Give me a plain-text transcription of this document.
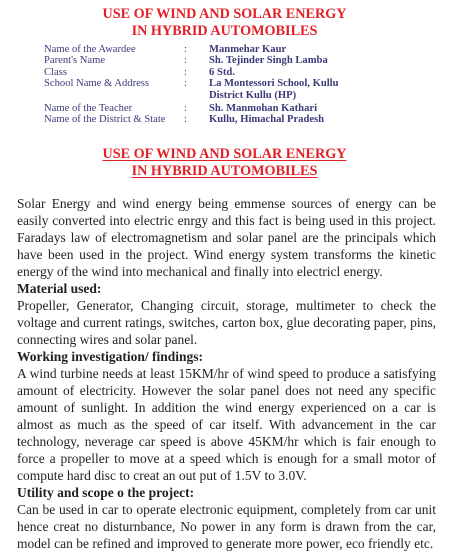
USE OF WIND AND SOLAR ENERGY
IN HYBRID AUTOMOBILES
Name of the Awardee	:	Manmehar Kaur
Parent's Name	:	Sh. Tejinder Singh Lamba
Class	:	6 Std.
School Name & Address	:	La Montessori School, Kullu District Kullu (HP)
Name of the Teacher	:	Sh. Manmohan Kathari
Name of the District & State	:	Kullu, Himachal Pradesh
USE OF WIND AND SOLAR ENERGY
IN HYBRID AUTOMOBILES

Solar Energy and wind energy being emmense sources of energy can be easily converted into electric enrgy and this fact is being used in this project. Faradays law of electromagnetism and solar panel are the principals which have been used in the project. Wind energy system transforms the kinetic energy of the wind into mechanical and finally into electricl energy.

Material used:

Propeller, Generator, Changing circuit, storage, multimeter to check the voltage and current ratings, switches, carton box, glue decorating paper, pins, connecting wires and solar panel.

Working investigation/ findings:

A wind turbine needs at least 15KM/hr of wind speed to produce a satisfying amount of electricity. However the solar panel does not need any specific amount of sunlight. In addition the wind energy experienced on a car is almost as much as the speed of car itself. With advancement in the car technology, neverage car speed is above 45KM/hr which is fair enough to force a propeller to move at a speed which is enough for a small motor of compute hard disc to creat an out put of 1.5V to 3.0V.

Utility and scope o the project:

Can be used in car to operate electronic equipment, completely from car unit hence creat no disturnbance, No power in any form is drawn from the car, model can be refined and improved to generate more power, eco friendly etc.
